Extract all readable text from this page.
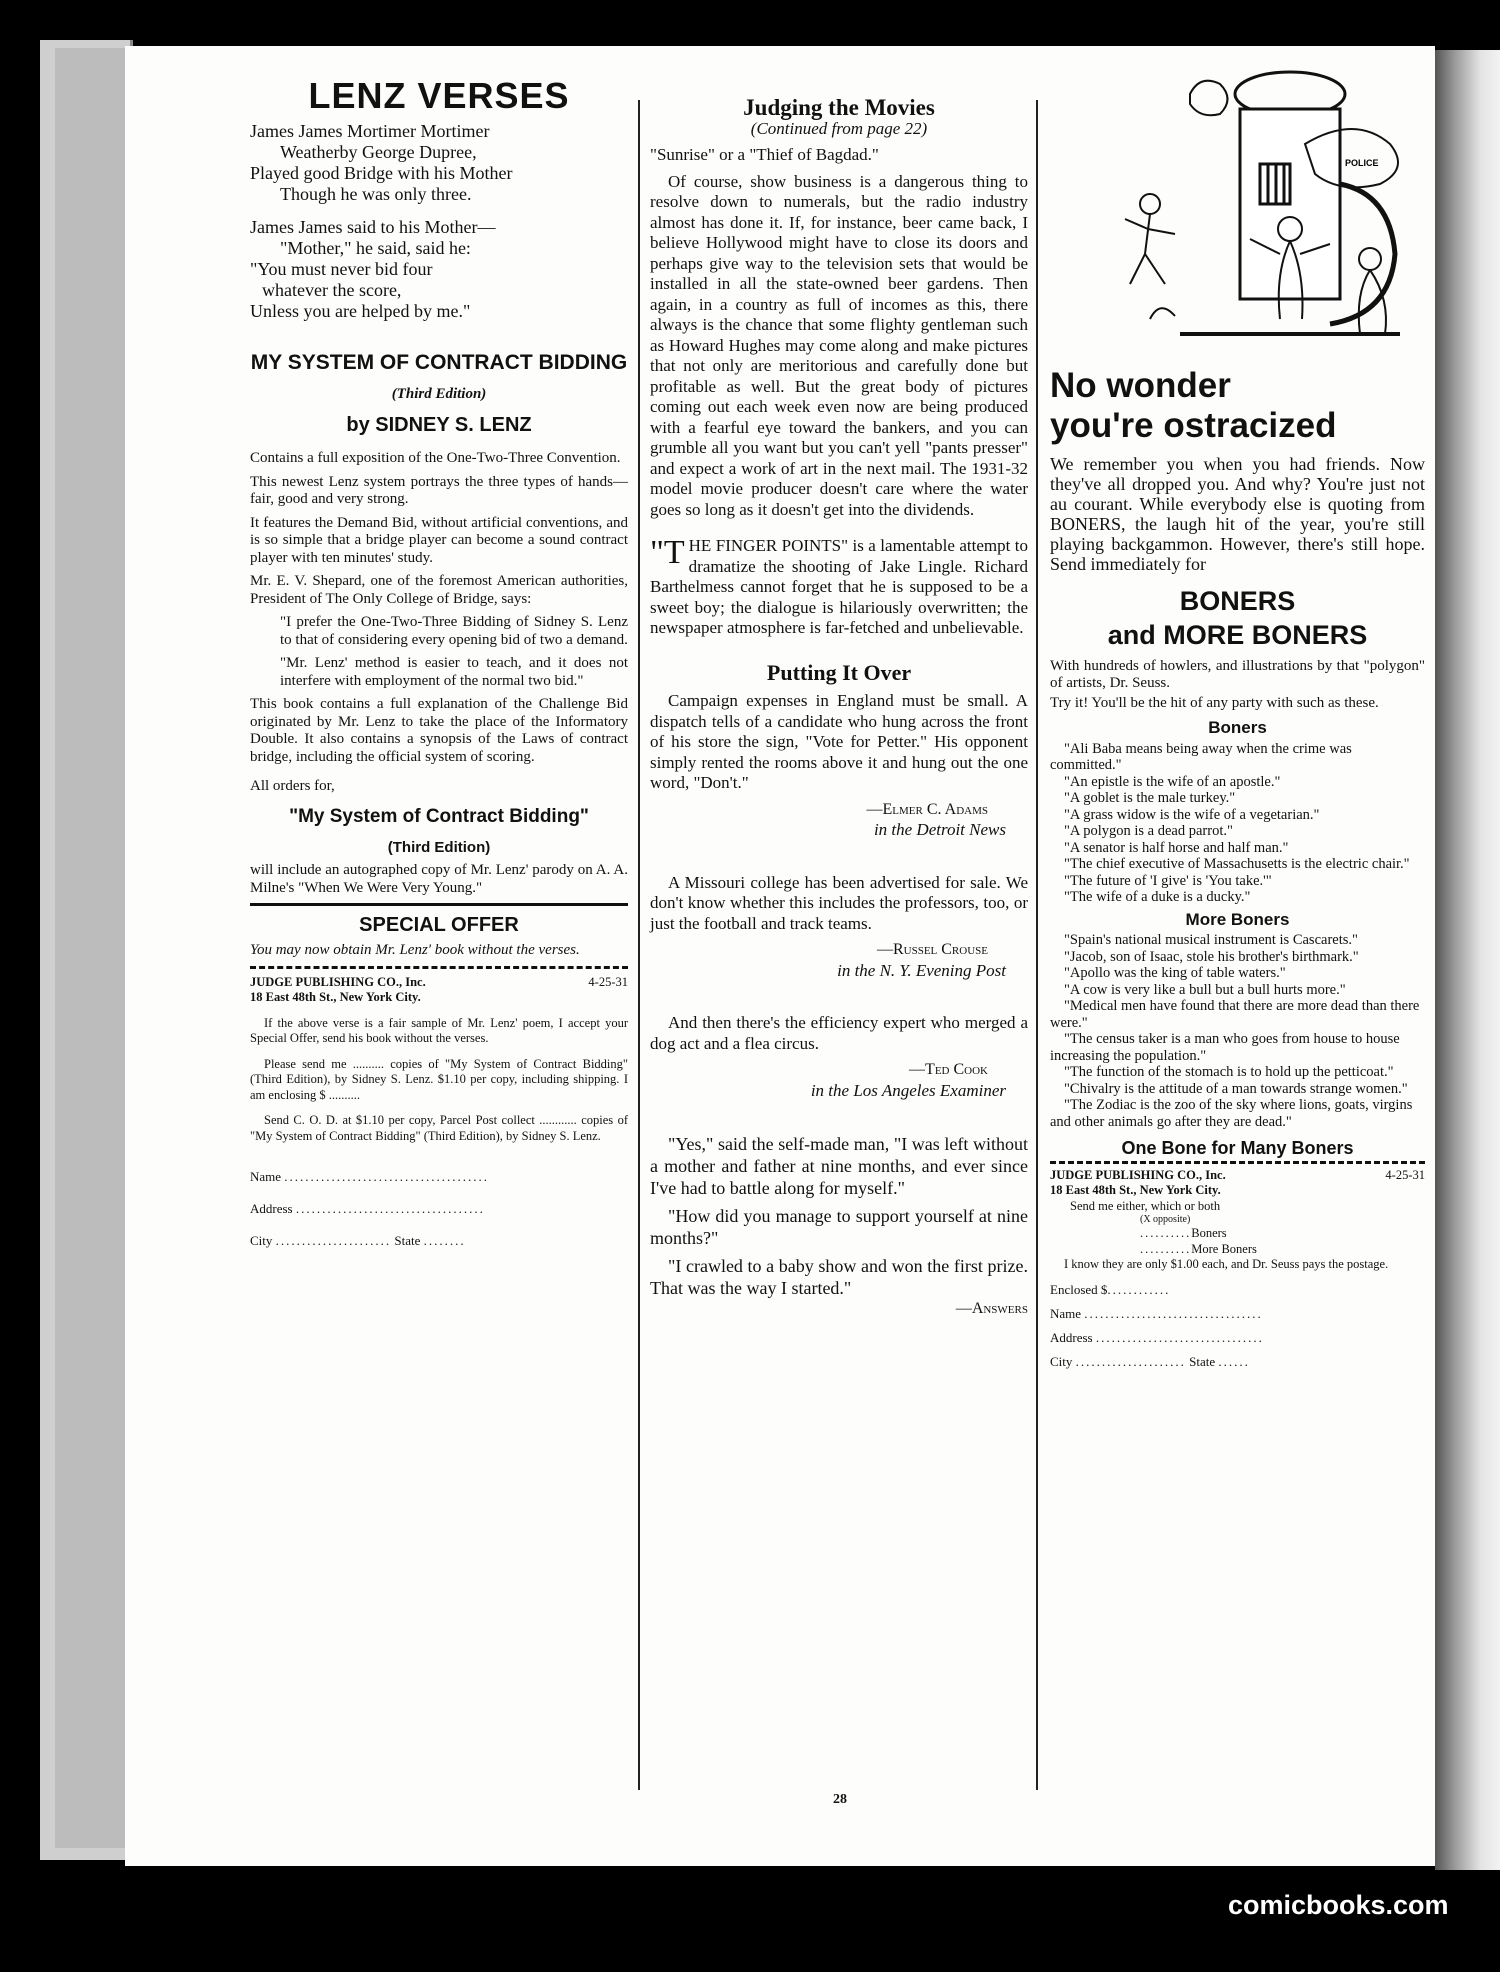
LENZ VERSES

James James Mortimer Mortimer

Weatherby George Dupree,

Played good Bridge with his Mother

Though he was only three.

James James said to his Mother—

"Mother," he said, said he:

"You must never bid four

whatever the score,

Unless you are helped by me."

MY SYSTEM OF CONTRACT BIDDING

(Third Edition)

by SIDNEY S. LENZ

Contains a full exposition of the One-Two-Three Convention.

This newest Lenz system portrays the three types of hands—fair, good and very strong.

It features the Demand Bid, without artificial conventions, and is so simple that a bridge player can become a sound contract player with ten minutes' study.

Mr. E. V. Shepard, one of the foremost American authorities, President of The Only College of Bridge, says:

"I prefer the One-Two-Three Bidding of Sidney S. Lenz to that of considering every opening bid of two a demand.

"Mr. Lenz' method is easier to teach, and it does not interfere with employment of the normal two bid."

This book contains a full explanation of the Challenge Bid originated by Mr. Lenz to take the place of the Informatory Double. It also contains a synopsis of the Laws of contract bridge, including the official system of scoring.

All orders for,

"My System of Contract Bidding"

(Third Edition)

will include an autographed copy of Mr. Lenz' parody on A. A. Milne's "When We Were Very Young."

SPECIAL OFFER

You may now obtain Mr. Lenz' book without the verses.

JUDGE PUBLISHING CO., Inc.	4-25-31

18 East 48th St., New York City.

If the above verse is a fair sample of Mr. Lenz' poem, I accept your Special Offer, send his book without the verses.

Please send me .......... copies of "My System of Contract Bidding" (Third Edition), by Sidney S. Lenz. $1.10 per copy, including shipping. I am enclosing $ ..........

Send C. O. D. at $1.10 per copy, Parcel Post collect ............ copies of "My System of Contract Bidding" (Third Edition), by Sidney S. Lenz.

Name .......................................

Address ....................................

City ...................... State ........

Judging the Movies

(Continued from page 22)

"Sunrise" or a "Thief of Bagdad."

Of course, show business is a dangerous thing to resolve down to numerals, but the radio industry almost has done it. If, for instance, beer came back, I believe Hollywood might have to close its doors and perhaps give way to the television sets that would be installed in all the state-owned beer gardens. Then again, in a country as full of incomes as this, there always is the chance that some flighty gentleman such as Howard Hughes may come along and make pictures that not only are meritorious and carefully done but profitable as well. But the great body of pictures coming out each week even now are being produced with a fearful eye toward the bankers, and you can grumble all you want but you can't yell "pants presser" and expect a work of art in the next mail. The 1931-32 model movie producer doesn't care where the water goes so long as it doesn't get into the dividends.

"THE FINGER POINTS" is a lamentable attempt to dramatize the shooting of Jake Lingle. Richard Barthelmess cannot forget that he is supposed to be a sweet boy; the dialogue is hilariously overwritten; the newspaper atmosphere is far-fetched and unbelievable.

Putting It Over

Campaign expenses in England must be small. A dispatch tells of a candidate who hung across the front of his store the sign, "Vote for Petter." His opponent simply rented the rooms above it and hung out the one word, "Don't."

—Elmer C. Adams

in the Detroit News

A Missouri college has been advertised for sale. We don't know whether this includes the professors, too, or just the football and track teams.

—Russel Crouse

in the N. Y. Evening Post

And then there's the efficiency expert who merged a dog act and a flea circus.

—Ted Cook

in the Los Angeles Examiner

"Yes," said the self-made man, "I was left without a mother and father at nine months, and ever since I've had to battle along for myself."

"How did you manage to support yourself at nine months?"

"I crawled to a baby show and won the first prize. That was the way I started."

—Answers

POLICE
No wonder
you're ostracized

We remember you when you had friends. Now they've all dropped you. And why? You're just not au courant. While everybody else is quoting from BONERS, the laugh hit of the year, you're still playing backgammon. However, there's still hope. Send immediately for

BONERS
and MORE BONERS

With hundreds of howlers, and illustrations by that "polygon" of artists, Dr. Seuss.

Try it! You'll be the hit of any party with such as these.

Boners

"Ali Baba means being away when the crime was committed."

"An epistle is the wife of an apostle."

"A goblet is the male turkey."

"A grass widow is the wife of a vegetarian."

"A polygon is a dead parrot."

"A senator is half horse and half man."

"The chief executive of Massachusetts is the electric chair."

"The future of 'I give' is 'You take.'"

"The wife of a duke is a ducky."

More Boners

"Spain's national musical instrument is Cascarets."

"Jacob, son of Isaac, stole his brother's birthmark."

"Apollo was the king of table waters."

"A cow is very like a bull but a bull hurts more."

"Medical men have found that there are more dead than there were."

"The census taker is a man who goes from house to house increasing the population."

"The function of the stomach is to hold up the petticoat."

"Chivalry is the attitude of a man towards strange women."

"The Zodiac is the zoo of the sky where lions, goats, virgins and other animals go after they are dead."

One Bone for Many Boners

JUDGE PUBLISHING CO., Inc.	4-25-31

18 East 48th St., New York City.

Send me either, which or both

(X opposite)

..........Boners

..........More Boners

I know they are only $1.00 each, and Dr. Seuss pays the postage.

Enclosed $............

Name ..................................

Address ................................

City ..................... State ......

28
comicbooks.com
